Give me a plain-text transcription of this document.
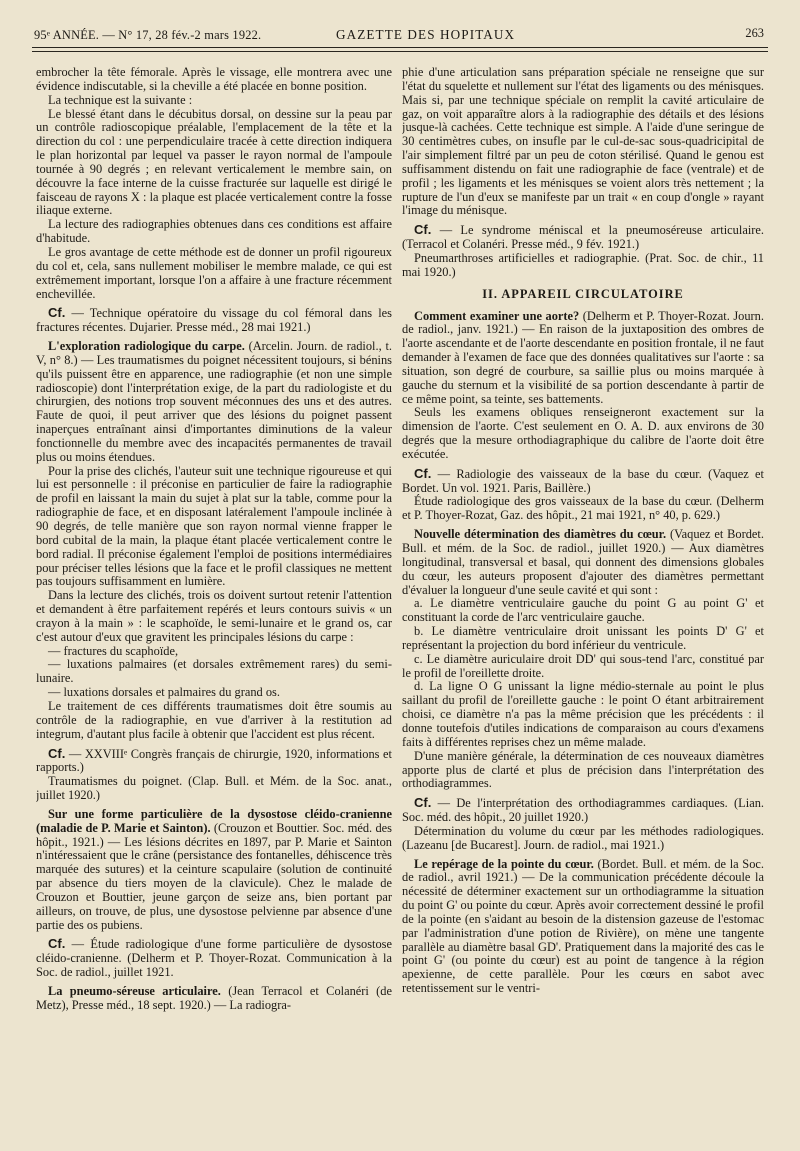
95ᵉ ANNÉE. — N° 17, 28 fév.-2 mars 1922.	GAZETTE DES HOPITAUX	263

embrocher la tête fémorale. Après le vissage, elle montrera avec une évidence indiscutable, si la cheville a été placée en bonne position.

La technique est la suivante :

Le blessé étant dans le décubitus dorsal, on dessine sur la peau par un contrôle radioscopique préalable, l'emplacement de la tête et la direction du col : une perpendiculaire tracée à cette direction indiquera le plan horizontal par lequel va passer le rayon normal de l'ampoule tournée à 90 degrés ; en relevant verticalement le membre sain, on découvre la face interne de la cuisse fracturée sur laquelle est dirigé le faisceau de rayons X : la plaque est placée verticalement contre la fosse iliaque externe.

La lecture des radiographies obtenues dans ces conditions est affaire d'habitude.

Le gros avantage de cette méthode est de donner un profil rigoureux du col et, cela, sans nullement mobiliser le membre malade, ce qui est extrêmement important, lorsque l'on a affaire à une fracture récemment enchevillée.

Cf. — Technique opératoire du vissage du col fémoral dans les fractures récentes. Dujarier. Presse méd., 28 mai 1921.)

L'exploration radiologique du carpe. (Arcelin. Journ. de radiol., t. V, n° 8.) — Les traumatismes du poignet nécessitent toujours, si bénins qu'ils puissent être en apparence, une radiographie (et non une simple radioscopie) dont l'interprétation exige, de la part du radiologiste et du chirurgien, des notions trop souvent méconnues des uns et des autres. Faute de quoi, il peut arriver que des lésions du poignet passent inaperçues entraînant ainsi d'importantes diminutions de la valeur fonctionnelle du membre avec des incapacités permanentes de travail plus ou moins étendues.

Pour la prise des clichés, l'auteur suit une technique rigoureuse et qui lui est personnelle : il préconise en particulier de faire la radiographie de profil en laissant la main du sujet à plat sur la table, comme pour la radiographie de face, et en disposant latéralement l'ampoule inclinée à 90 degrés, de telle manière que son rayon normal vienne frapper le bord cubital de la main, la plaque étant placée verticalement contre le bord radial. Il préconise également l'emploi de positions intermédiaires pour préciser telles lésions que la face et le profil classiques ne mettent pas toujours suffisamment en lumière.

Dans la lecture des clichés, trois os doivent surtout retenir l'attention et demandent à être parfaitement repérés et leurs contours suivis « un crayon à la main » : le scaphoïde, le semi-lunaire et le grand os, car c'est autour d'eux que gravitent les principales lésions du carpe :

— fractures du scaphoïde,

— luxations palmaires (et dorsales extrêmement rares) du semi-lunaire.

— luxations dorsales et palmaires du grand os.

Le traitement de ces différents traumatismes doit être soumis au contrôle de la radiographie, en vue d'arriver à la restitution ad integrum, d'autant plus facile à obtenir que l'accident est plus récent.

Cf. — XXVIIIᵉ Congrès français de chirurgie, 1920, informations et rapports.)

Traumatismes du poignet. (Clap. Bull. et Mém. de la Soc. anat., juillet 1920.)

Sur une forme particulière de la dysostose cléido-cranienne (maladie de P. Marie et Sainton). (Crouzon et Bouttier. Soc. méd. des hôpit., 1921.) — Les lésions décrites en 1897, par P. Marie et Sainton n'intéressaient que le crâne (persistance des fontanelles, déhiscence très marquée des sutures) et la ceinture scapulaire (solution de continuité par absence du tiers moyen de la clavicule). Chez le malade de Crouzon et Bouttier, jeune garçon de seize ans, bien portant par ailleurs, on trouve, de plus, une dysostose pelvienne par absence d'une partie des os pubiens.

Cf. — Étude radiologique d'une forme particulière de dysostose cléido-cranienne. (Delherm et P. Thoyer-Rozat. Communication à la Soc. de radiol., juillet 1921.

La pneumo-séreuse articulaire. (Jean Terracol et Colanéri (de Metz), Presse méd., 18 sept. 1920.) — La radiogra-

phie d'une articulation sans préparation spéciale ne renseigne que sur l'état du squelette et nullement sur l'état des ligaments ou des ménisques. Mais si, par une technique spéciale on remplit la cavité articulaire de gaz, on voit apparaître alors à la radiographie des détails et des lésions jusque-là cachées. Cette technique est simple. A l'aide d'une seringue de 30 centimètres cubes, on insufle par le cul-de-sac sous-quadricipital de l'air simplement filtré par un peu de coton stérilisé. Quand le genou est suffisamment distendu on fait une radiographie de face (ventrale) et de profil ; les ligaments et les ménisques se voient alors très nettement ; la rupture de l'un d'eux se manifeste par un trait « en coup d'ongle » rayant l'image du ménisque.

Cf. — Le syndrome méniscal et la pneumoséreuse articulaire. (Terracol et Colanéri. Presse méd., 9 fév. 1921.)

Pneumarthroses artificielles et radiographie. (Prat. Soc. de chir., 11 mai 1920.)

II. APPAREIL CIRCULATOIRE

Comment examiner une aorte? (Delherm et P. Thoyer-Rozat. Journ. de radiol., janv. 1921.) — En raison de la juxtaposition des ombres de l'aorte ascendante et de l'aorte descendante en position frontale, il ne faut demander à l'examen de face que des données qualitatives sur l'aorte : sa situation, son degré de courbure, sa saillie plus ou moins marquée à gauche du sternum et la visibilité de sa portion descendante à partir de ce même point, sa teinte, ses battements.

Seuls les examens obliques renseigneront exactement sur la dimension de l'aorte. C'est seulement en O. A. D. aux environs de 30 degrés que la mesure orthodiagraphique du calibre de l'aorte doit être exécutée.

Cf. — Radiologie des vaisseaux de la base du cœur. (Vaquez et Bordet. Un vol. 1921. Paris, Baillère.)

Étude radiologique des gros vaisseaux de la base du cœur. (Delherm et P. Thoyer-Rozat, Gaz. des hôpit., 21 mai 1921, n° 40, p. 629.)

Nouvelle détermination des diamètres du cœur. (Vaquez et Bordet. Bull. et mém. de la Soc. de radiol., juillet 1920.) — Aux diamètres longitudinal, transversal et basal, qui donnent des dimensions globales du cœur, les auteurs proposent d'ajouter des diamètres permettant d'évaluer la longueur d'une seule cavité et qui sont :

a. Le diamètre ventriculaire gauche du point G au point G' et constituant la corde de l'arc ventriculaire gauche.

b. Le diamètre ventriculaire droit unissant les points D' G' et représentant la projection du bord inférieur du ventricule.

c. Le diamètre auriculaire droit DD' qui sous-tend l'arc, constitué par le profil de l'oreillette droite.

d. La ligne O G unissant la ligne médio-sternale au point le plus saillant du profil de l'oreillette gauche : le point O étant arbitrairement choisi, ce diamètre n'a pas la même précision que les précédents : il donne toutefois d'utiles indications de comparaison au cours d'examens faits à différentes reprises chez un même malade.

D'une manière générale, la détermination de ces nouveaux diamètres apporte plus de clarté et plus de précision dans l'interprétation des orthodiagrammes.

Cf. — De l'interprétation des orthodiagrammes cardiaques. (Lian. Soc. méd. des hôpit., 20 juillet 1920.)

Détermination du volume du cœur par les méthodes radiologiques. (Lazeanu [de Bucarest]. Journ. de radiol., mai 1921.)

Le repérage de la pointe du cœur. (Bordet. Bull. et mém. de la Soc. de radiol., avril 1921.) — De la communication précédente découle la nécessité de déterminer exactement sur un orthodiagramme la situation du point G' ou pointe du cœur. Après avoir correctement dessiné le profil de la pointe (en s'aidant au besoin de la distension gazeuse de l'estomac par l'administration d'une potion de Rivière), on mène une tangente parallèle au diamètre basal GD'. Pratiquement dans la majorité des cas le point G' (ou pointe du cœur) est au point de tangence à la région apexienne, de cette parallèle. Pour les cœurs en sabot avec retentissement sur le ventri-
